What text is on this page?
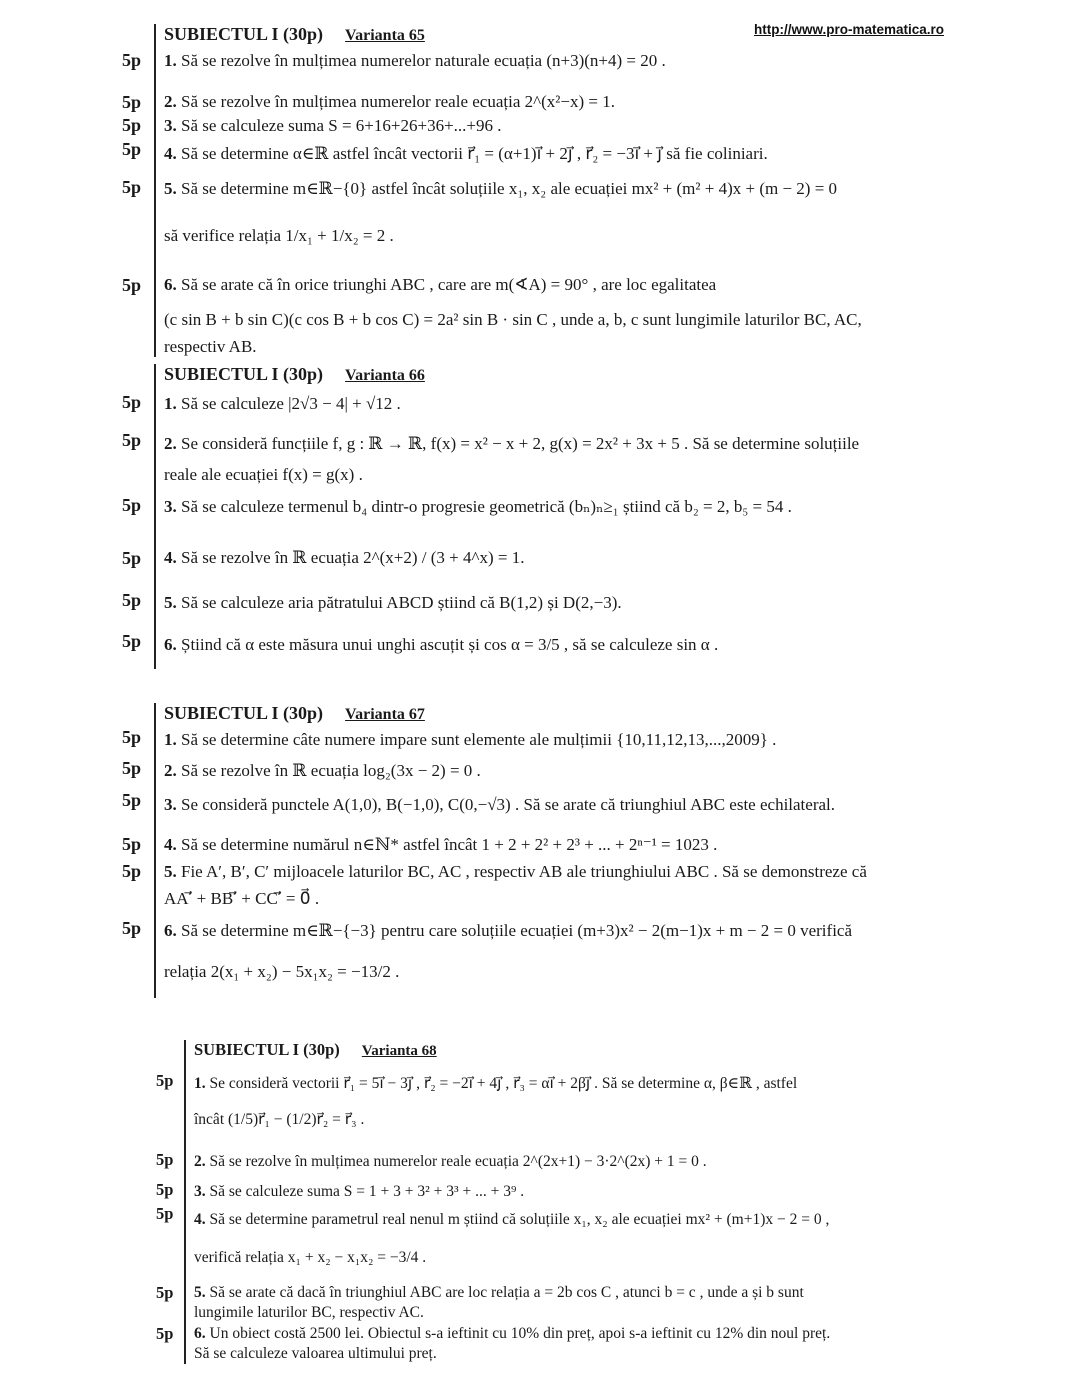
http://www.pro-matematica.ro
SUBIECTUL I (30p) Varianta 65
5p 1. Să se rezolve în mulțimea numerelor naturale ecuația (n+3)(n+4) = 20 .
5p 2. Să se rezolve în mulțimea numerelor reale ecuația 2^(x²−x) = 1.
5p 3. Să se calculeze suma S = 6+16+26+36+...+96 .
5p 4. Să se determine α∈ℝ astfel încât vectorii r⃗₁ = (α+1)i⃗ + 2j⃗ , r⃗₂ = −3i⃗ + j⃗ să fie coliniari.
5p 5. Să se determine m∈ℝ−{0} astfel încât soluțiile x₁, x₂ ale ecuației mx² + (m² + 4)x + (m − 2) = 0
să verifice relația 1/x₁ + 1/x₂ = 2 .
5p 6. Să se arate că în orice triunghi ABC , care are m(∢A) = 90° , are loc egalitatea
(c sin B + b sin C)(c cos B + b cos C) = 2a² sin B · sin C , unde a, b, c sunt lungimile laturilor BC, AC,
respectiv AB.
SUBIECTUL I (30p) Varianta 66
5p 1. Să se calculeze |2√3 − 4| + √12 .
5p 2. Se consideră funcțiile f, g : ℝ → ℝ, f(x) = x² − x + 2, g(x) = 2x² + 3x + 5 . Să se determine soluțiile
reale ale ecuației f(x) = g(x) .
5p 3. Să se calculeze termenul b₄ dintr-o progresie geometrică (bₙ)ₙ≥₁ știind că b₂ = 2, b₅ = 54 .
5p 4. Să se rezolve în ℝ ecuația 2^(x+2) / (3 + 4^x) = 1.
5p 5. Să se calculeze aria pătratului ABCD știind că B(1,2) și D(2,−3).
5p 6. Știind că α este măsura unui unghi ascuțit și cos α = 3/5 , să se calculeze sin α .
SUBIECTUL I (30p) Varianta 67
5p 1. Să se determine câte numere impare sunt elemente ale mulțimii {10,11,12,13,...,2009} .
5p 2. Să se rezolve în ℝ ecuația log₂(3x − 2) = 0 .
5p 3. Se consideră punctele A(1,0), B(−1,0), C(0,−√3) . Să se arate că triunghiul ABC este echilateral.
5p 4. Să se determine numărul n∈ℕ* astfel încât 1 + 2 + 2² + 2³ + ... + 2ⁿ⁻¹ = 1023 .
5p 5. Fie A′, B′, C′ mijloacele laturilor BC, AC , respectiv AB ale triunghiului ABC . Să se demonstreze că
AA′⃗ + BB′⃗ + CC′⃗ = 0⃗ .
5p 6. Să se determine m∈ℝ−{−3} pentru care soluțiile ecuației (m+3)x² − 2(m−1)x + m − 2 = 0 verifică
relația 2(x₁ + x₂) − 5x₁x₂ = −13/2 .
SUBIECTUL I (30p) Varianta 68
5p 1. Se consideră vectorii r⃗₁ = 5i⃗ − 3j⃗ , r⃗₂ = −2i⃗ + 4j⃗ , r⃗₃ = αi⃗ + 2βj⃗ . Să se determine α, β∈ℝ , astfel
încât (1/5)r⃗₁ − (1/2)r⃗₂ = r⃗₃ .
5p 2. Să se rezolve în mulțimea numerelor reale ecuația 2^(2x+1) − 3·2^(2x) + 1 = 0 .
5p 3. Să se calculeze suma S = 1 + 3 + 3² + 3³ + ... + 3⁹ .
5p 4. Să se determine parametrul real nenul m știind că soluțiile x₁, x₂ ale ecuației mx² + (m+1)x − 2 = 0 ,
verifică relația x₁ + x₂ − x₁x₂ = −3/4 .
5p 5. Să se arate că dacă în triunghiul ABC are loc relația a = 2b cos C , atunci b = c , unde a și b sunt
lungimile laturilor BC, respectiv AC.
5p 6. Un obiect costă 2500 lei. Obiectul s-a ieftinit cu 10% din preț, apoi s-a ieftinit cu 12% din noul preț.
Să se calculeze valoarea ultimului preț.
